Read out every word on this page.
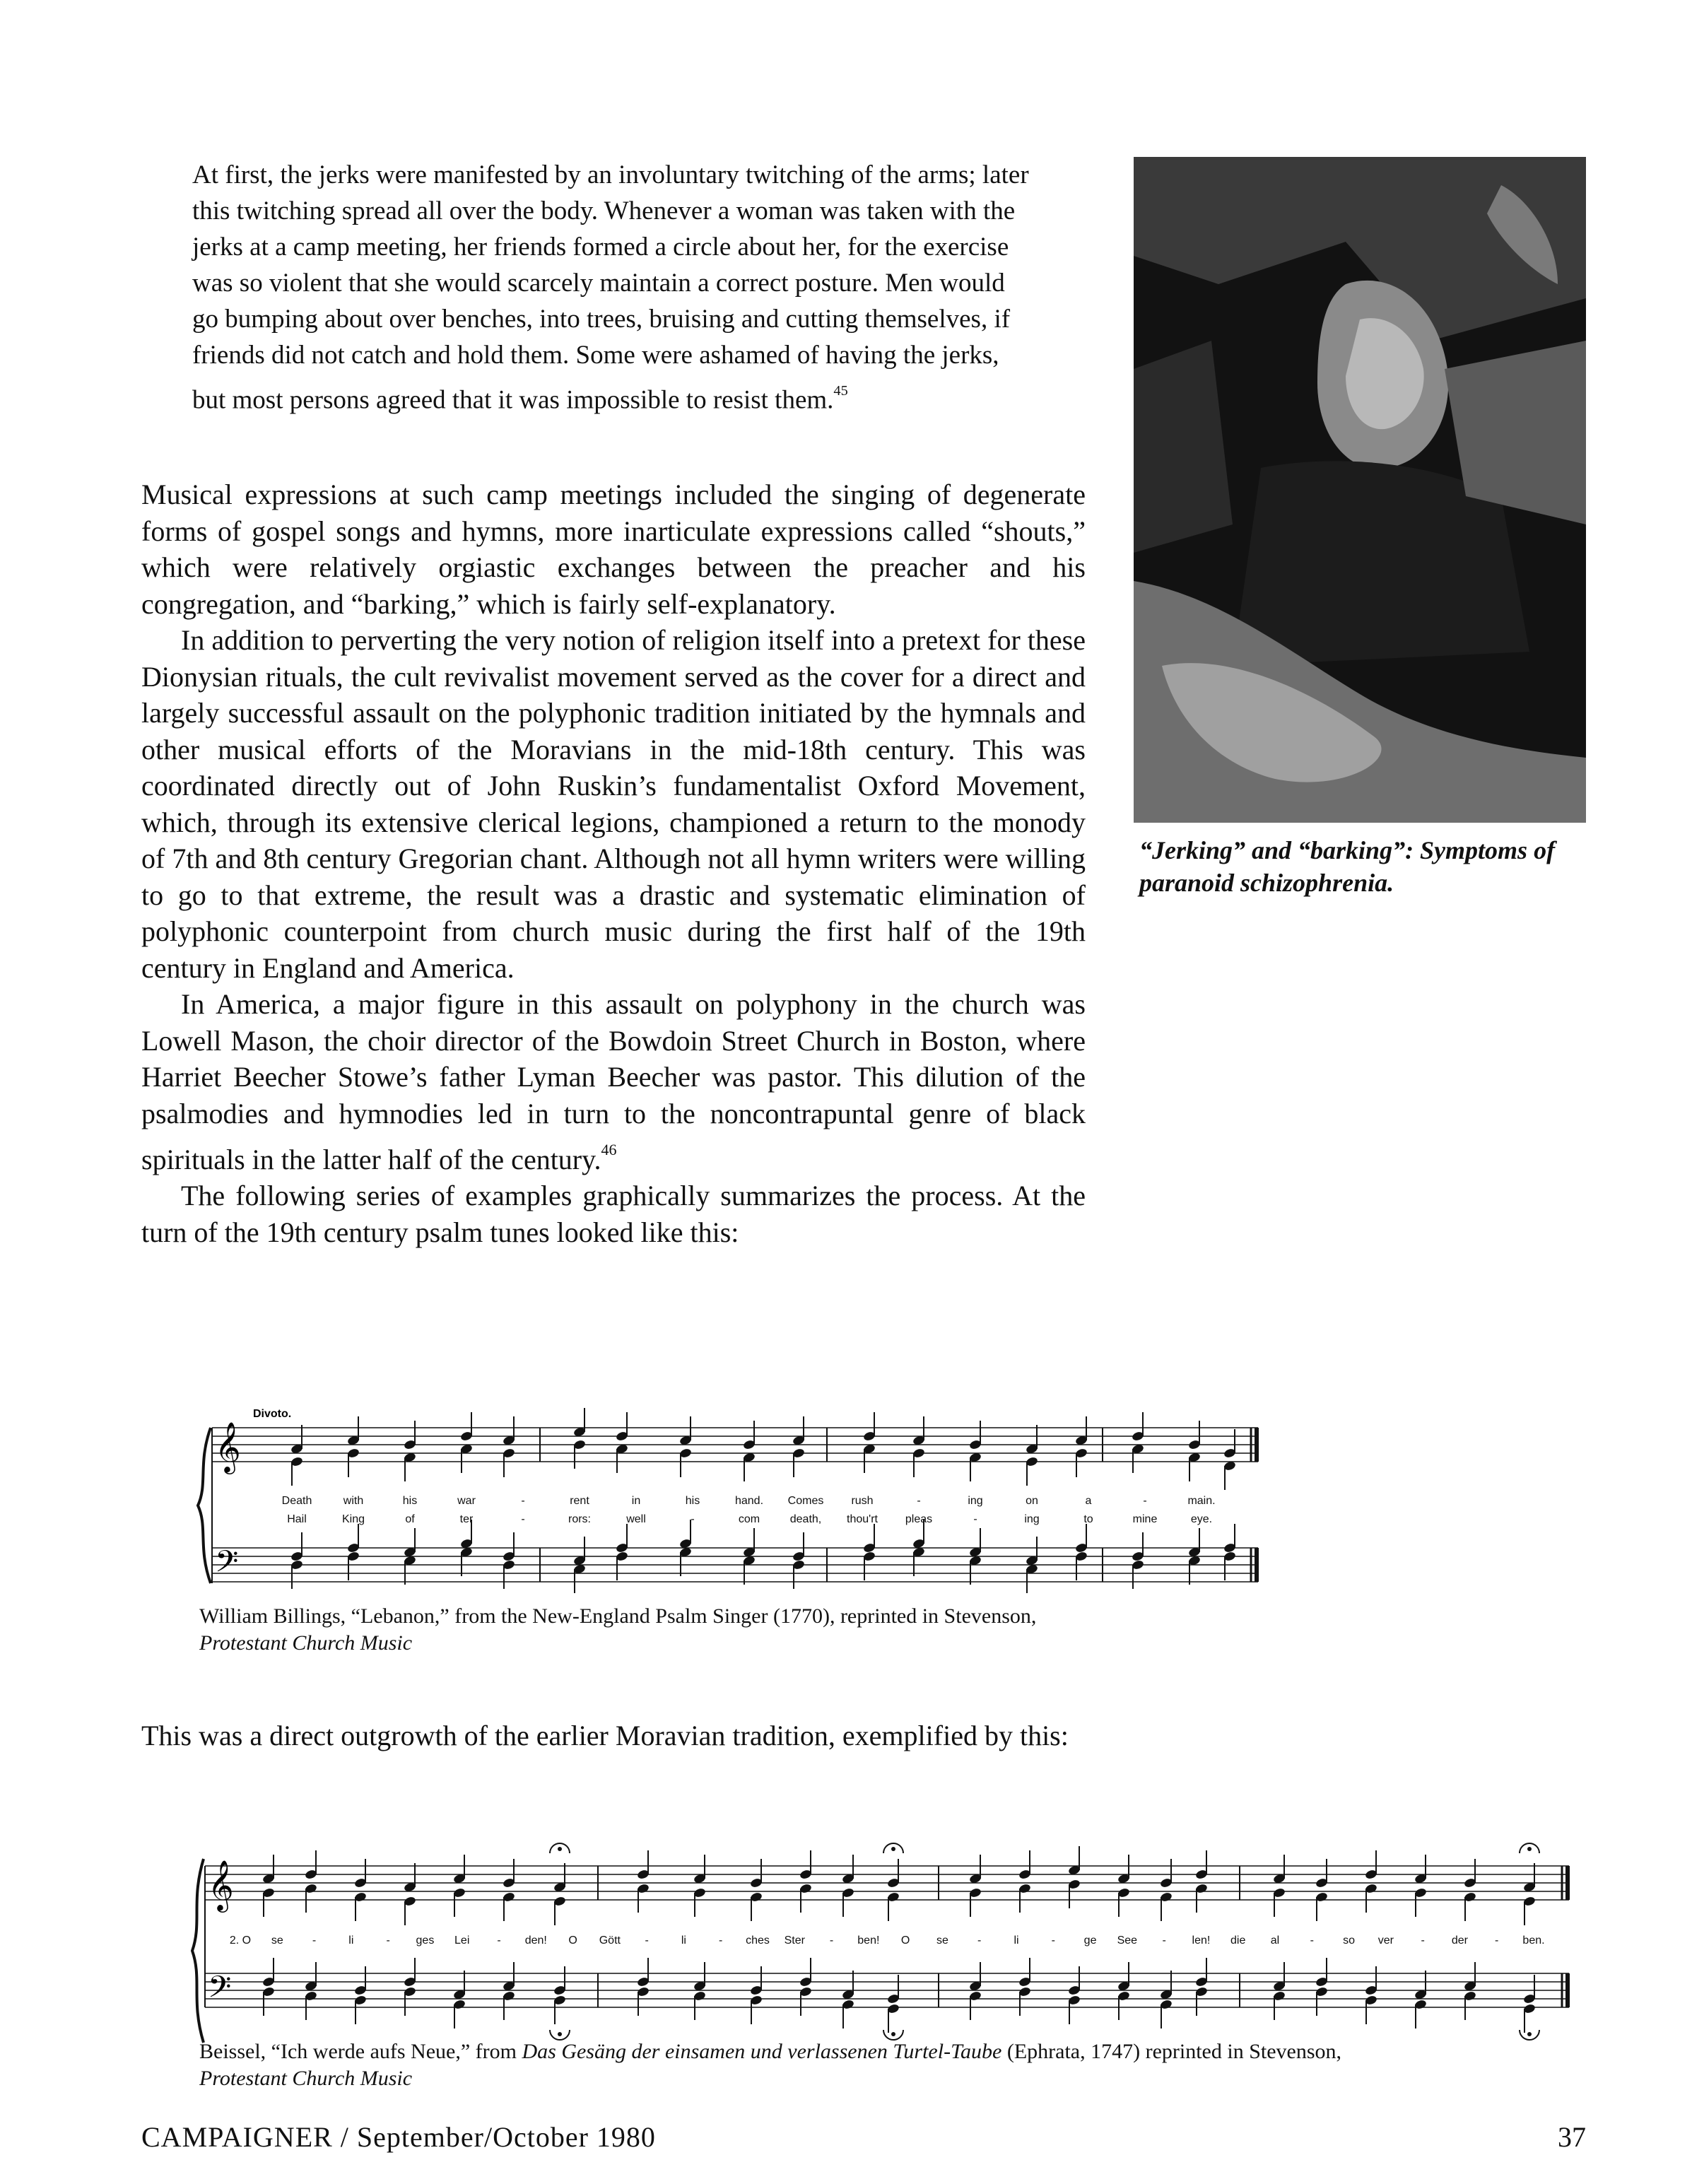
At first, the jerks were manifested by an involuntary twitching of the arms; later this twitching spread all over the body. Whenever a woman was taken with the jerks at a camp meeting, her friends formed a circle about her, for the exercise was so violent that she would scarcely maintain a correct posture. Men would go bumping about over benches, into trees, bruising and cutting themselves, if friends did not catch and hold them. Some were ashamed of having the jerks, but most persons agreed that it was impossible to resist them.$^{45}$
“Jerking” and “barking”: Symptoms of paranoid schizophrenia.

Musical expressions at such camp meetings included the singing of degenerate forms of gospel songs and hymns, more inarticulate expressions called “shouts,” which were relatively orgiastic exchanges between the preacher and his congregation, and “barking,” which is fairly self-explanatory.

In addition to perverting the very notion of religion itself into a pretext for these Dionysian rituals, the cult revivalist movement served as the cover for a direct and largely successful assault on the polyphonic tradition initiated by the hymnals and other musical efforts of the Moravians in the mid-18th century. This was coordinated directly out of John Ruskin’s fundamentalist Oxford Movement, which, through its extensive clerical legions, championed a return to the monody of 7th and 8th century Gregorian chant. Although not all hymn writers were willing to go to that extreme, the result was a drastic and systematic elimination of polyphonic counterpoint from church music during the first half of the 19th century in England and America.

In America, a major figure in this assault on polyphony in the church was Lowell Mason, the choir director of the Bowdoin Street Church in Boston, where Harriet Beecher Stowe’s father Lyman Beecher was pastor. This dilution of the psalmodies and hymnodies led in turn to the noncontrapuntal genre of black spirituals in the latter half of the century.$^{46}$

The following series of examples graphically summarizes the process. At the turn of the 19th century psalm tunes looked like this:

Divoto.
𝄞
𝄢
Death	with	his	war	-	rent	in	his	hand. Comes rush	-	ing	on	a	-	main.
Hail	King	of	ter	-	rors:	well	-	com	death, thou'rt pleas	-	ing	to	mine	eye.
William Billings, “Lebanon,” from the New-England Psalm Singer (1770), reprinted in Stevenson,
Protestant Church Music
This was a direct outgrowth of the earlier Moravian tradition, exemplified by this:
𝄞
𝄢
2. O se	-	li	- ges Lei - den! O Gött -	li	- ches Ster - ben! O se	-	li	-	ge See - len! die al	-	so ver - der - ben.
Beissel, “Ich werde aufs Neue,” from Das Gesäng der einsamen und verlassenen Turtel-Taube (Ephrata, 1747) reprinted in Stevenson,
Protestant Church Music
CAMPAIGNER / September/October 1980	37
